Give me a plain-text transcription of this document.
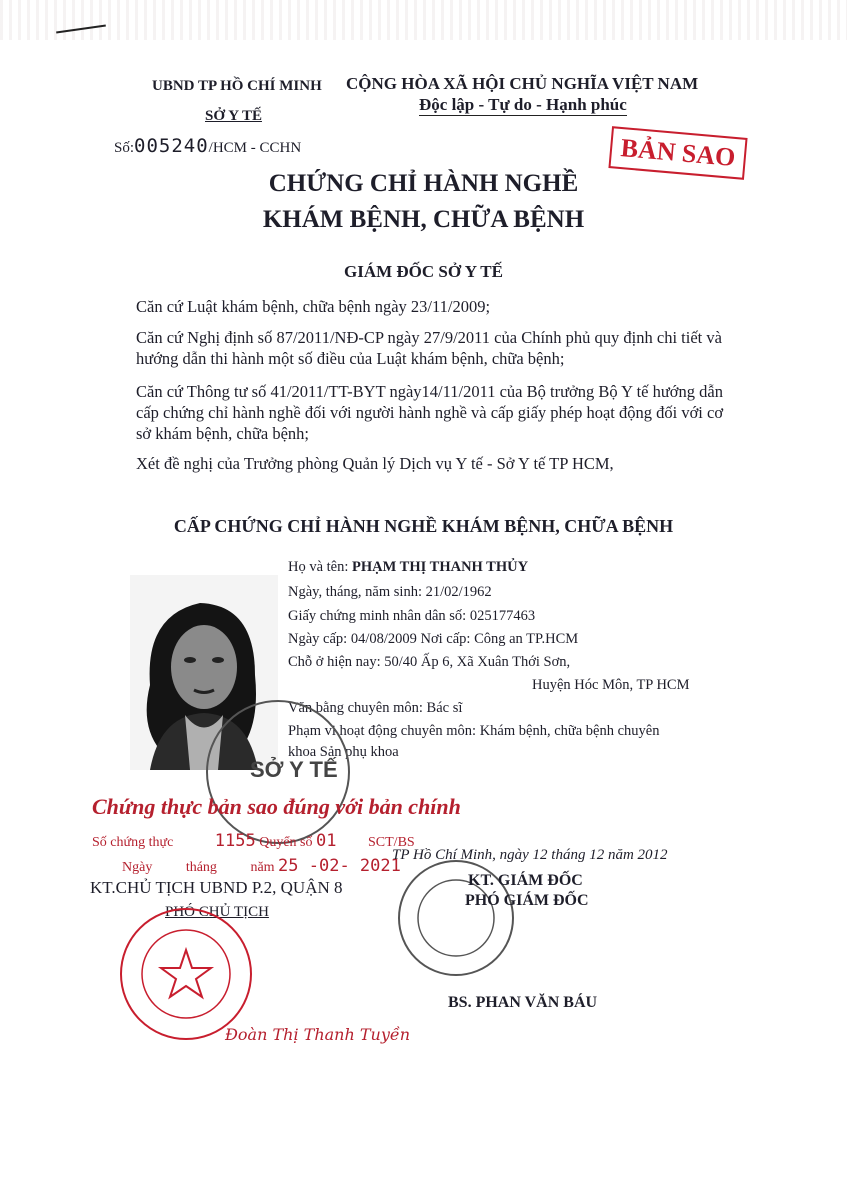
UBND TP HỒ CHÍ MINH
SỞ Y TẾ
CỘNG HÒA XÃ HỘI CHỦ NGHĨA VIỆT NAM
Độc lập - Tự do - Hạnh phúc
Số:005240/HCM - CCHN	BẢN SAO
CHỨNG CHỈ HÀNH NGHỀ
KHÁM BỆNH, CHỮA BỆNH
GIÁM ĐỐC SỞ Y TẾ
Căn cứ Luật khám bệnh, chữa bệnh ngày 23/11/2009;
Căn cứ Nghị định số 87/2011/NĐ-CP ngày 27/9/2011 của Chính phủ quy định chi tiết và hướng dẫn thi hành một số điều của Luật khám bệnh, chữa bệnh;
Căn cứ Thông tư số 41/2011/TT-BYT ngày14/11/2011 của Bộ trưởng Bộ Y tế hướng dẫn cấp chứng chỉ hành nghề đối với người hành nghề và cấp giấy phép hoạt động đối với cơ sở khám bệnh, chữa bệnh;
Xét đề nghị của Trưởng phòng Quản lý Dịch vụ Y tế - Sở Y tế TP HCM,
CẤP CHỨNG CHỈ HÀNH NGHỀ KHÁM BỆNH, CHỮA BỆNH
Họ và tên: PHẠM THỊ THANH THỦY
Ngày, tháng, năm sinh: 21/02/1962
Giấy chứng minh nhân dân số: 025177463
Ngày cấp: 04/08/2009 Nơi cấp: Công an TP.HCM
Chỗ ở hiện nay: 50/40 Ấp 6, Xã Xuân Thới Sơn,
Huyện Hóc Môn, TP HCM
Văn bằng chuyên môn: Bác sĩ
Phạm vi hoạt động chuyên môn: Khám bệnh, chữa bệnh chuyên
khoa Sản phụ khoa
SỞ Y TẾ
Chứng thực bản sao đúng với bản chính
Số chứng thực 1155 Quyển số 01 SCT/BS
Ngày tháng năm 25 -02- 2021
KT.CHỦ TỊCH UBND P.2, QUẬN 8
PHÓ CHỦ TỊCH
Đoàn Thị Thanh Tuyền
TP Hồ Chí Minh, ngày 12 tháng 12 năm 2012
KT. GIÁM ĐỐC
PHÓ GIÁM ĐỐC
BS. PHAN VĂN BÁU
